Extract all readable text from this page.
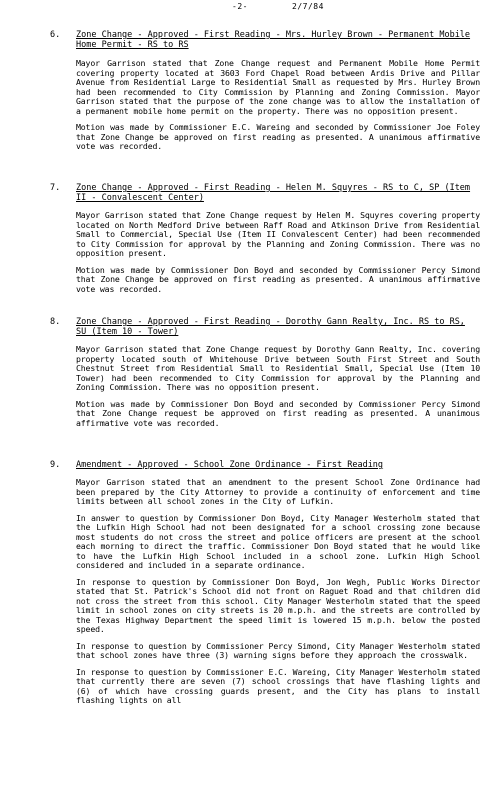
-2-	2/7/84
6. Zone Change - Approved - First Reading - Mrs. Hurley Brown - Permanent Mobile Home Permit - RS to RS
Mayor Garrison stated that Zone Change request and Permanent Mobile Home Permit covering property located at 3603 Ford Chapel Road between Ardis Drive and Pillar Avenue from Residential Large to Residential Small as requested by Mrs. Hurley Brown had been recommended to City Commission by Planning and Zoning Commission. Mayor Garrison stated that the purpose of the zone change was to allow the installation of a permanent mobile home permit on the property. There was no opposition present.
Motion was made by Commissioner E.C. Wareing and seconded by Commissioner Joe Foley that Zone Change be approved on first reading as presented. A unanimous affirmative vote was recorded.
7. Zone Change - Approved - First Reading - Helen M. Squyres - RS to C, SP (Item II - Convalescent Center)
Mayor Garrison stated that Zone Change request by Helen M. Squyres covering property located on North Medford Drive between Raff Road and Atkinson Drive from Residential Small to Commercial, Special Use (Item II Convalescent Center) had been recommended to City Commission for approval by the Planning and Zoning Commission. There was no opposition present.
Motion was made by Commissioner Don Boyd and seconded by Commissioner Percy Simond that Zone Change be approved on first reading as presented. A unanimous affirmative vote was recorded.
8. Zone Change - Approved - First Reading - Dorothy Gann Realty, Inc. RS to RS, SU (Item 10 - Tower)
Mayor Garrison stated that Zone Change request by Dorothy Gann Realty, Inc. covering property located south of Whitehouse Drive between South First Street and South Chestnut Street from Residential Small to Residential Small, Special Use (Item 10 Tower) had been recommended to City Commission for approval by the Planning and Zoning Commission. There was no opposition present.
Motion was made by Commissioner Don Boyd and seconded by Commissioner Percy Simond that Zone Change request be approved on first reading as presented. A unanimous affirmative vote was recorded.
9. Amendment - Approved - School Zone Ordinance - First Reading
Mayor Garrison stated that an amendment to the present School Zone Ordinance had been prepared by the City Attorney to provide a continuity of enforcement and time limits between all school zones in the City of Lufkin.
In answer to question by Commissioner Don Boyd, City Manager Westerholm stated that the Lufkin High School had not been designated for a school crossing zone because most students do not cross the street and police officers are present at the school each morning to direct the traffic. Commissioner Don Boyd stated that he would like to have the Lufkin High School included in a school zone. Lufkin High School considered and included in a separate ordinance.
In response to question by Commissioner Don Boyd, Jon Wegh, Public Works Director stated that St. Patrick's School did not front on Raguet Road and that children did not cross the street from this school. City Manager Westerholm stated that the speed limit in school zones on city streets is 20 m.p.h. and the streets are controlled by the Texas Highway Department the speed limit is lowered 15 m.p.h. below the posted speed.
In response to question by Commissioner Percy Simond, City Manager Westerholm stated that school zones have three (3) warning signs before they approach the crosswalk.
In response to question by Commissioner E.C. Wareing, City Manager Westerholm stated that currently there are seven (7) school crossings that have flashing lights and (6) of which have crossing guards present, and the City has plans to install flashing lights on all
